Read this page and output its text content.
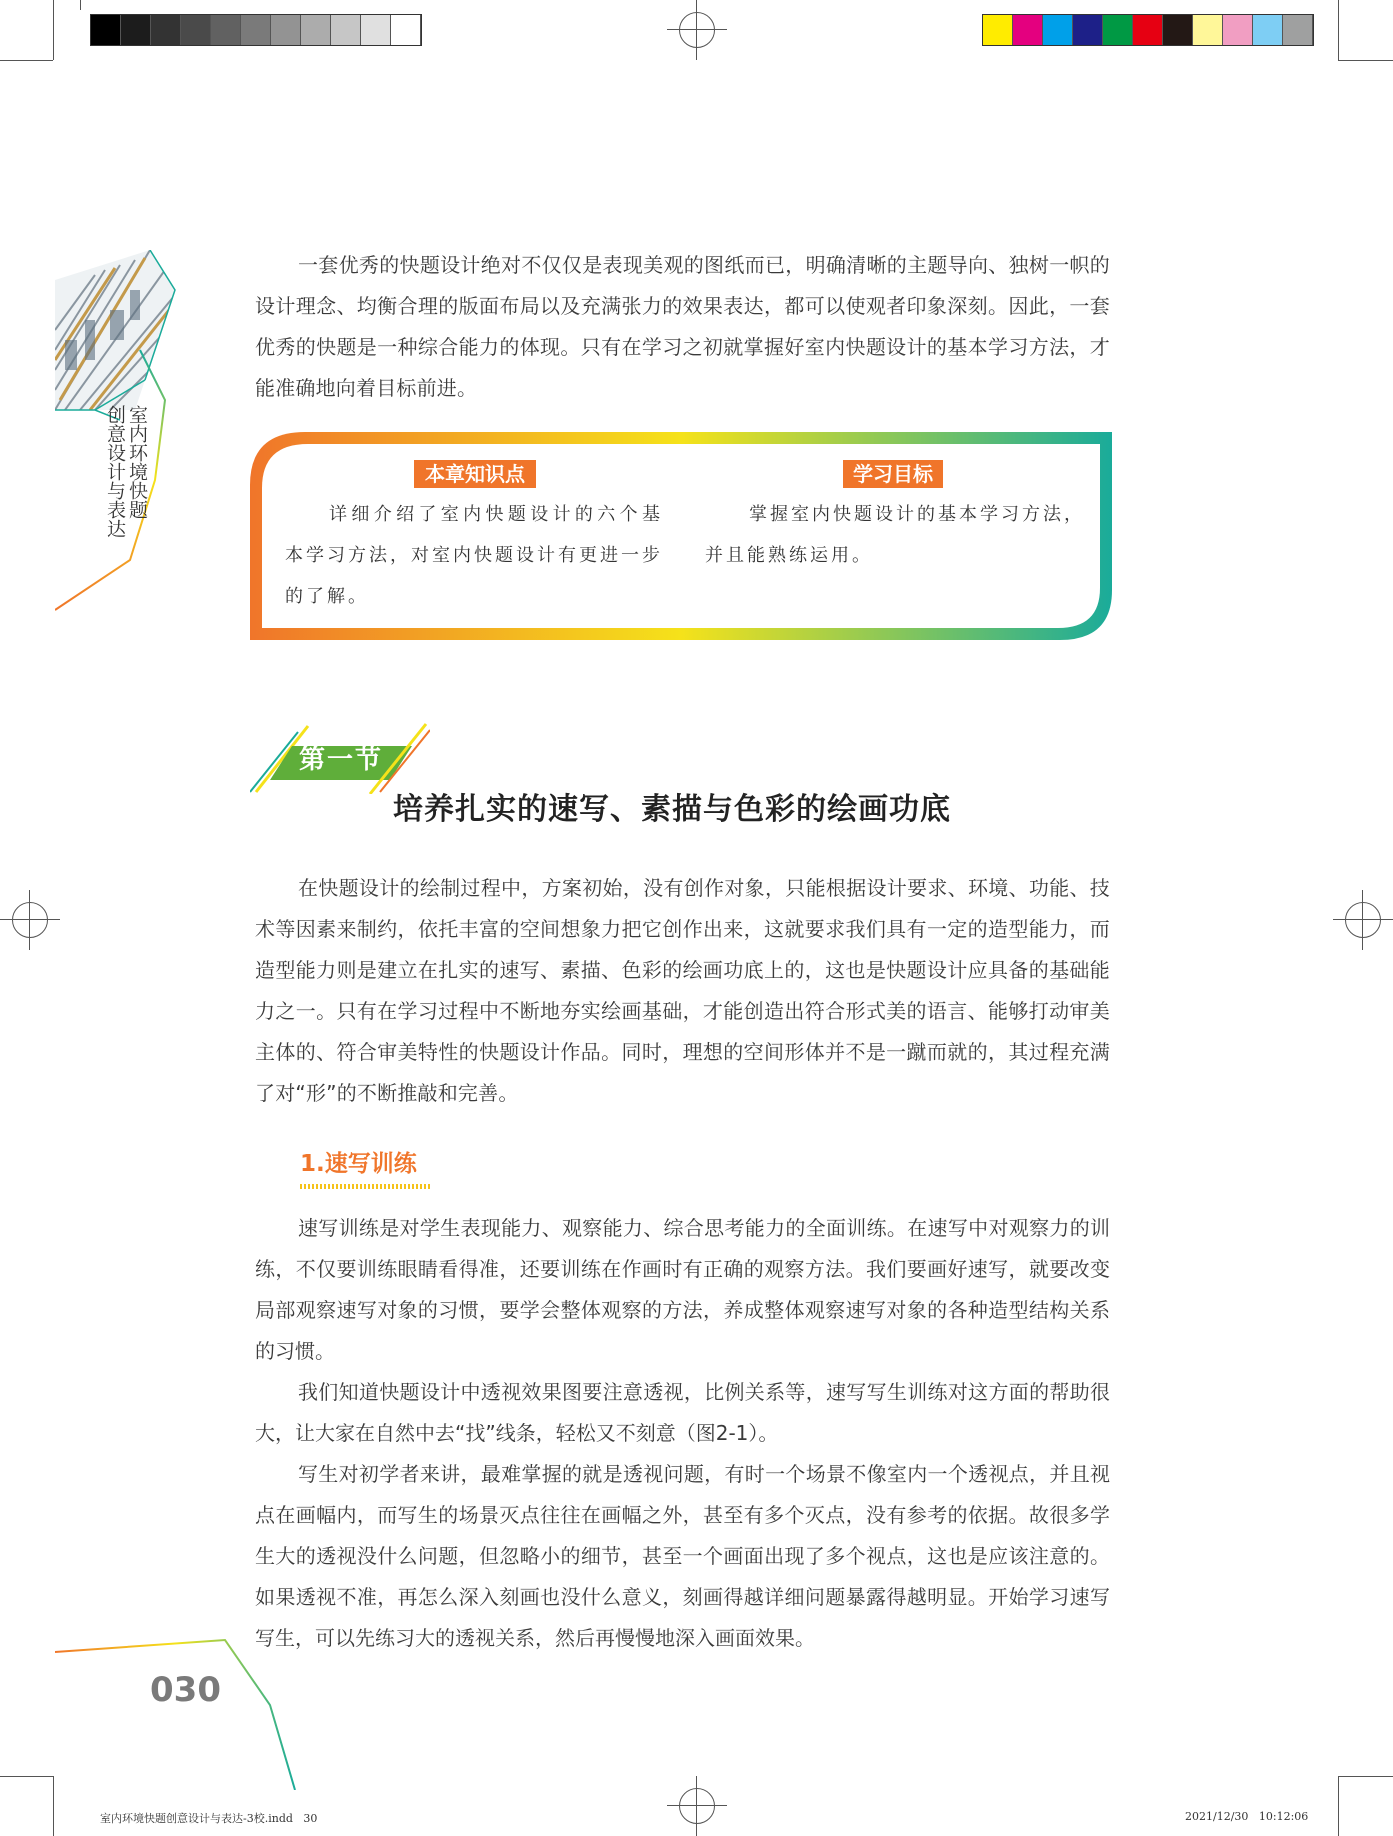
室内环境快题
创意设计与表达

一套优秀的快题设计绝对不仅仅是表现美观的图纸而已，明确清晰的主题导向、独树一帜的设计理念、均衡合理的版面布局以及充满张力的效果表达，都可以使观者印象深刻。因此，一套优秀的快题是一种综合能力的体现。只有在学习之初就掌握好室内快题设计的基本学习方法，才能准确地向着目标前进。

本章知识点	学习目标

详细介绍了室内快题设计的六个基本学习方法，对室内快题设计有更进一步的了解。

掌握室内快题设计的基本学习方法，并且能熟练运用。

第一节
培养扎实的速写、素描与色彩的绘画功底

在快题设计的绘制过程中，方案初始，没有创作对象，只能根据设计要求、环境、功能、技术等因素来制约，依托丰富的空间想象力把它创作出来，这就要求我们具有一定的造型能力，而造型能力则是建立在扎实的速写、素描、色彩的绘画功底上的，这也是快题设计应具备的基础能力之一。只有在学习过程中不断地夯实绘画基础，才能创造出符合形式美的语言、能够打动审美主体的、符合审美特性的快题设计作品。同时，理想的空间形体并不是一蹴而就的，其过程充满了对“形”的不断推敲和完善。

1.速写训练

速写训练是对学生表现能力、观察能力、综合思考能力的全面训练。在速写中对观察力的训练，不仅要训练眼睛看得准，还要训练在作画时有正确的观察方法。我们要画好速写，就要改变局部观察速写对象的习惯，要学会整体观察的方法，养成整体观察速写对象的各种造型结构关系的习惯。

我们知道快题设计中透视效果图要注意透视，比例关系等，速写写生训练对这方面的帮助很大，让大家在自然中去“找”线条，轻松又不刻意（图2-1）。

写生对初学者来讲，最难掌握的就是透视问题，有时一个场景不像室内一个透视点，并且视点在画幅内，而写生的场景灭点往往在画幅之外，甚至有多个灭点，没有参考的依据。故很多学生大的透视没什么问题，但忽略小的细节，甚至一个画面出现了多个视点，这也是应该注意的。如果透视不准，再怎么深入刻画也没什么意义，刻画得越详细问题暴露得越明显。开始学习速写写生，可以先练习大的透视关系，然后再慢慢地深入画面效果。

030
室内环境快题创意设计与表达-3校.indd   30	2021/12/30   10:12:06
